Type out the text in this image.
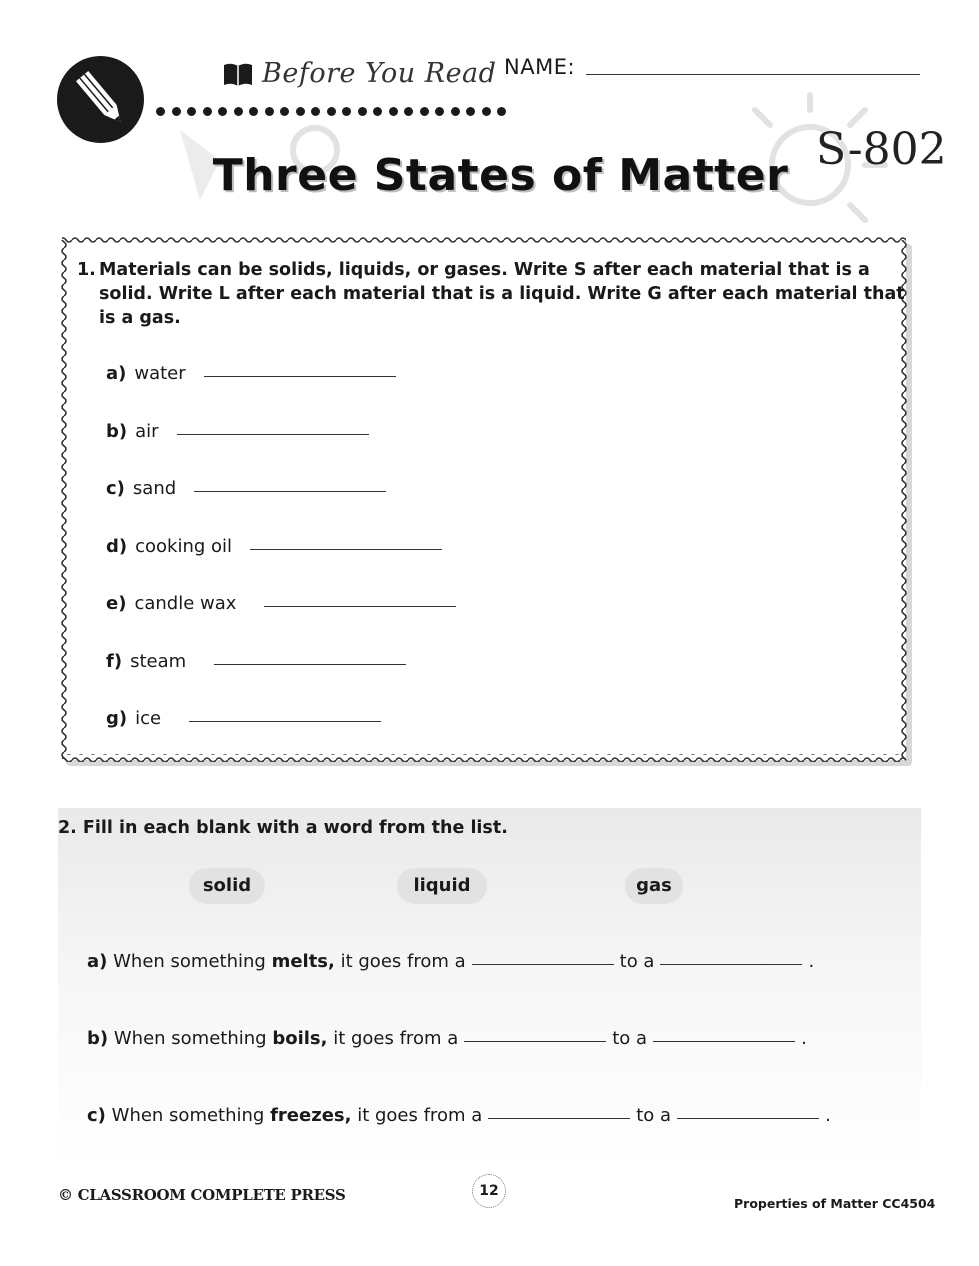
Before You Read NAME:
S-802
Three States of Matter
1. Materials can be solids, liquids, or gases. Write S after each material that is a solid. Write L after each material that is a liquid. Write G after each material that is a gas.
a) water
b) air
c) sand
d) cooking oil
e) candle wax
f) steam
g) ice
2. Fill in each blank with a word from the list.
solid	liquid	gas
a)
When something
melts,
it goes from a	to a	.
b)
When something
boils,
it goes from a	to a	.
c)
When something
freezes,
it goes from a	to a	.
© CLASSROOM COMPLETE PRESS	12
Properties of Matter CC4504
